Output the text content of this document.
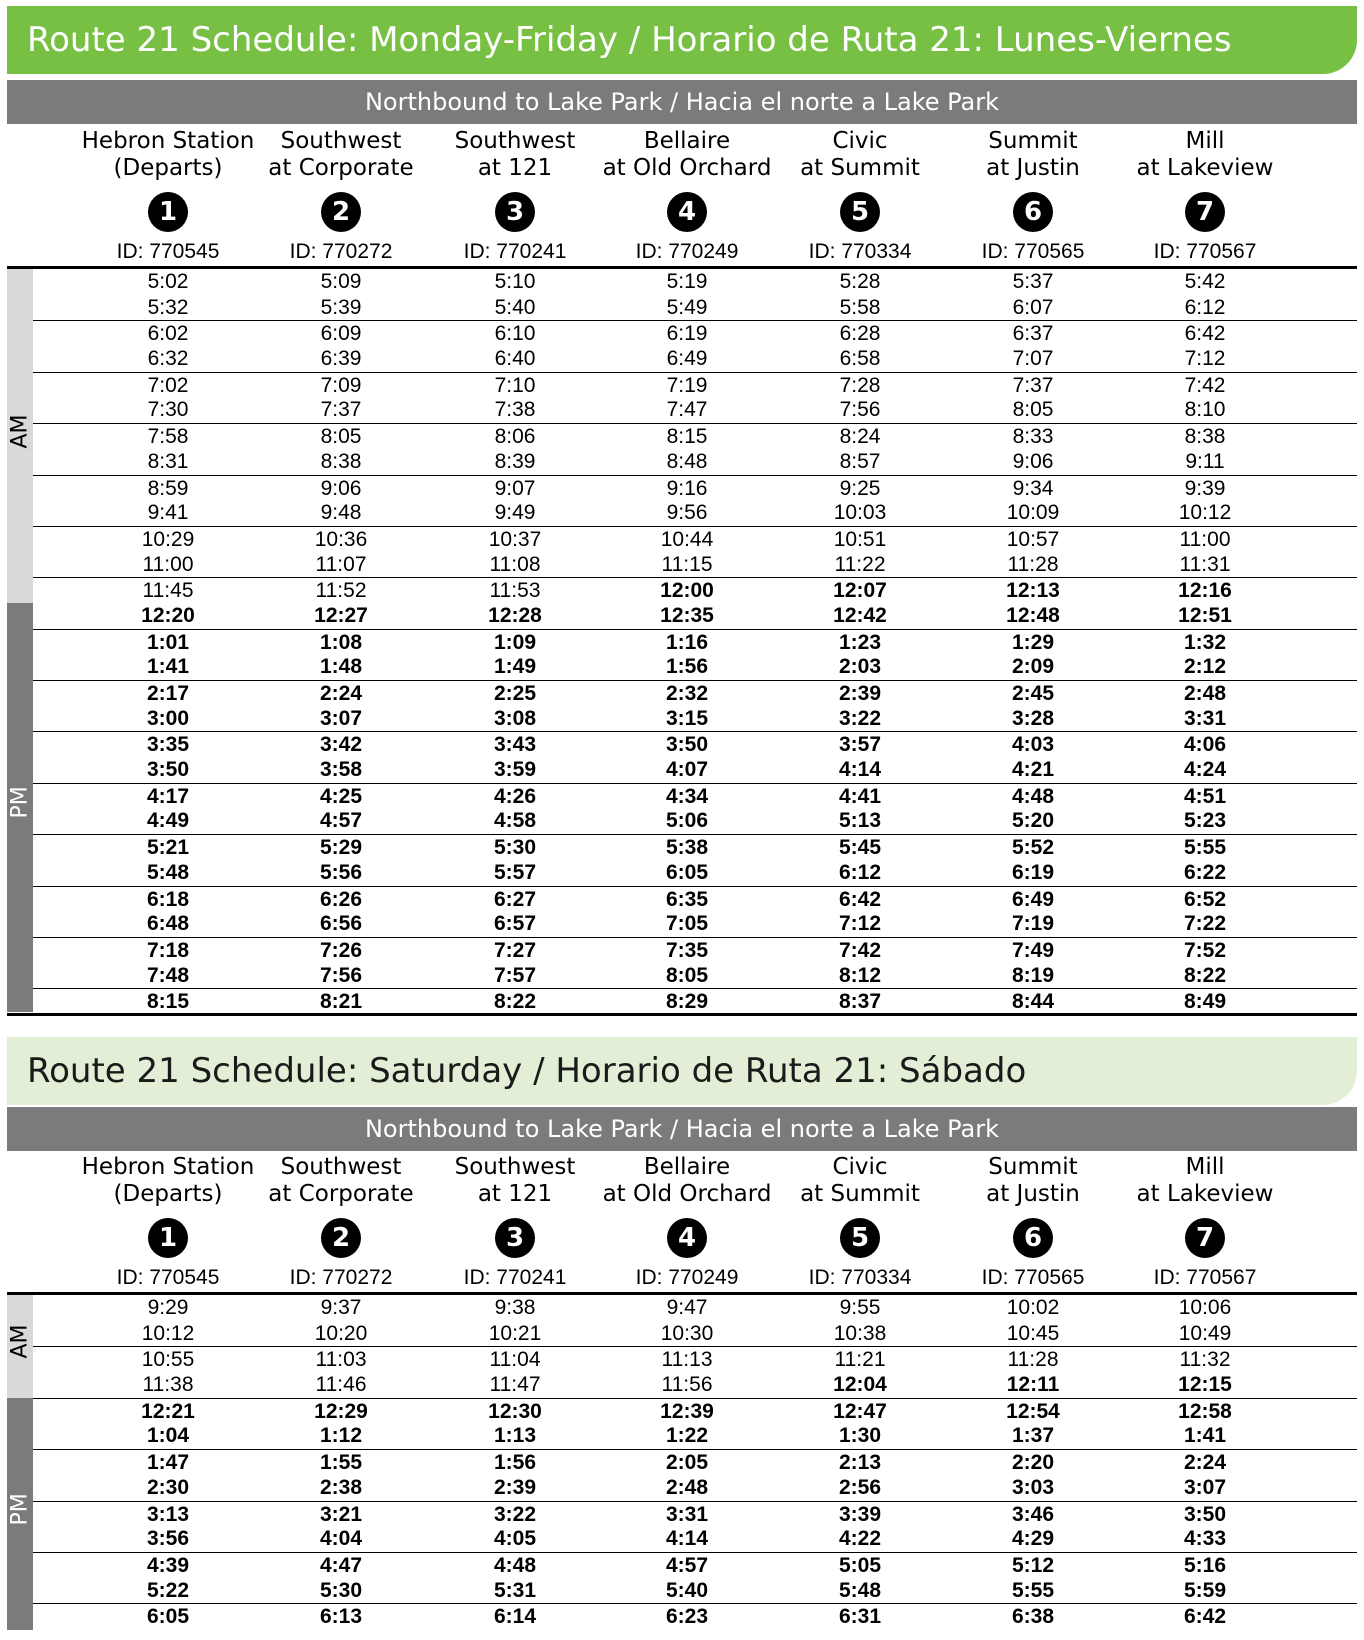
Route 21 Schedule: Monday-Friday / Horario de Ruta 21: Lunes-Viernes
Northbound to Lake Park / Hacia el norte a Lake Park
Hebron Station
(Departs)
1
ID: 770545
Southwest
at Corporate
2
ID: 770272
Southwest
at 121
3
ID: 770241
Bellaire
at Old Orchard
4
ID: 770249
Civic
at Summit
5
ID: 770334
Summit
at Justin
6
ID: 770565
Mill
at Lakeview
7
ID: 770567
AM
PM
5:02	5:09	5:10	5:19	5:28	5:37	5:42
5:32	5:39	5:40	5:49	5:58	6:07	6:12
6:02	6:09	6:10	6:19	6:28	6:37	6:42
6:32	6:39	6:40	6:49	6:58	7:07	7:12
7:02	7:09	7:10	7:19	7:28	7:37	7:42
7:30	7:37	7:38	7:47	7:56	8:05	8:10
7:58	8:05	8:06	8:15	8:24	8:33	8:38
8:31	8:38	8:39	8:48	8:57	9:06	9:11
8:59	9:06	9:07	9:16	9:25	9:34	9:39
9:41	9:48	9:49	9:56	10:03	10:09	10:12
10:29	10:36	10:37	10:44	10:51	10:57	11:00
11:00	11:07	11:08	11:15	11:22	11:28	11:31
11:45	11:52	11:53	12:00	12:07	12:13	12:16
12:20	12:27	12:28	12:35	12:42	12:48	12:51
1:01	1:08	1:09	1:16	1:23	1:29	1:32
1:41	1:48	1:49	1:56	2:03	2:09	2:12
2:17	2:24	2:25	2:32	2:39	2:45	2:48
3:00	3:07	3:08	3:15	3:22	3:28	3:31
3:35	3:42	3:43	3:50	3:57	4:03	4:06
3:50	3:58	3:59	4:07	4:14	4:21	4:24
4:17	4:25	4:26	4:34	4:41	4:48	4:51
4:49	4:57	4:58	5:06	5:13	5:20	5:23
5:21	5:29	5:30	5:38	5:45	5:52	5:55
5:48	5:56	5:57	6:05	6:12	6:19	6:22
6:18	6:26	6:27	6:35	6:42	6:49	6:52
6:48	6:56	6:57	7:05	7:12	7:19	7:22
7:18	7:26	7:27	7:35	7:42	7:49	7:52
7:48	7:56	7:57	8:05	8:12	8:19	8:22
8:15	8:21	8:22	8:29	8:37	8:44	8:49
Route 21 Schedule: Saturday / Horario de Ruta 21: Sábado
Northbound to Lake Park / Hacia el norte a Lake Park
Hebron Station
(Departs)
1
ID: 770545
Southwest
at Corporate
2
ID: 770272
Southwest
at 121
3
ID: 770241
Bellaire
at Old Orchard
4
ID: 770249
Civic
at Summit
5
ID: 770334
Summit
at Justin
6
ID: 770565
Mill
at Lakeview
7
ID: 770567
AM
PM
9:29	9:37	9:38	9:47	9:55	10:02	10:06
10:12	10:20	10:21	10:30	10:38	10:45	10:49
10:55	11:03	11:04	11:13	11:21	11:28	11:32
11:38	11:46	11:47	11:56	12:04	12:11	12:15
12:21	12:29	12:30	12:39	12:47	12:54	12:58
1:04	1:12	1:13	1:22	1:30	1:37	1:41
1:47	1:55	1:56	2:05	2:13	2:20	2:24
2:30	2:38	2:39	2:48	2:56	3:03	3:07
3:13	3:21	3:22	3:31	3:39	3:46	3:50
3:56	4:04	4:05	4:14	4:22	4:29	4:33
4:39	4:47	4:48	4:57	5:05	5:12	5:16
5:22	5:30	5:31	5:40	5:48	5:55	5:59
6:05	6:13	6:14	6:23	6:31	6:38	6:42
